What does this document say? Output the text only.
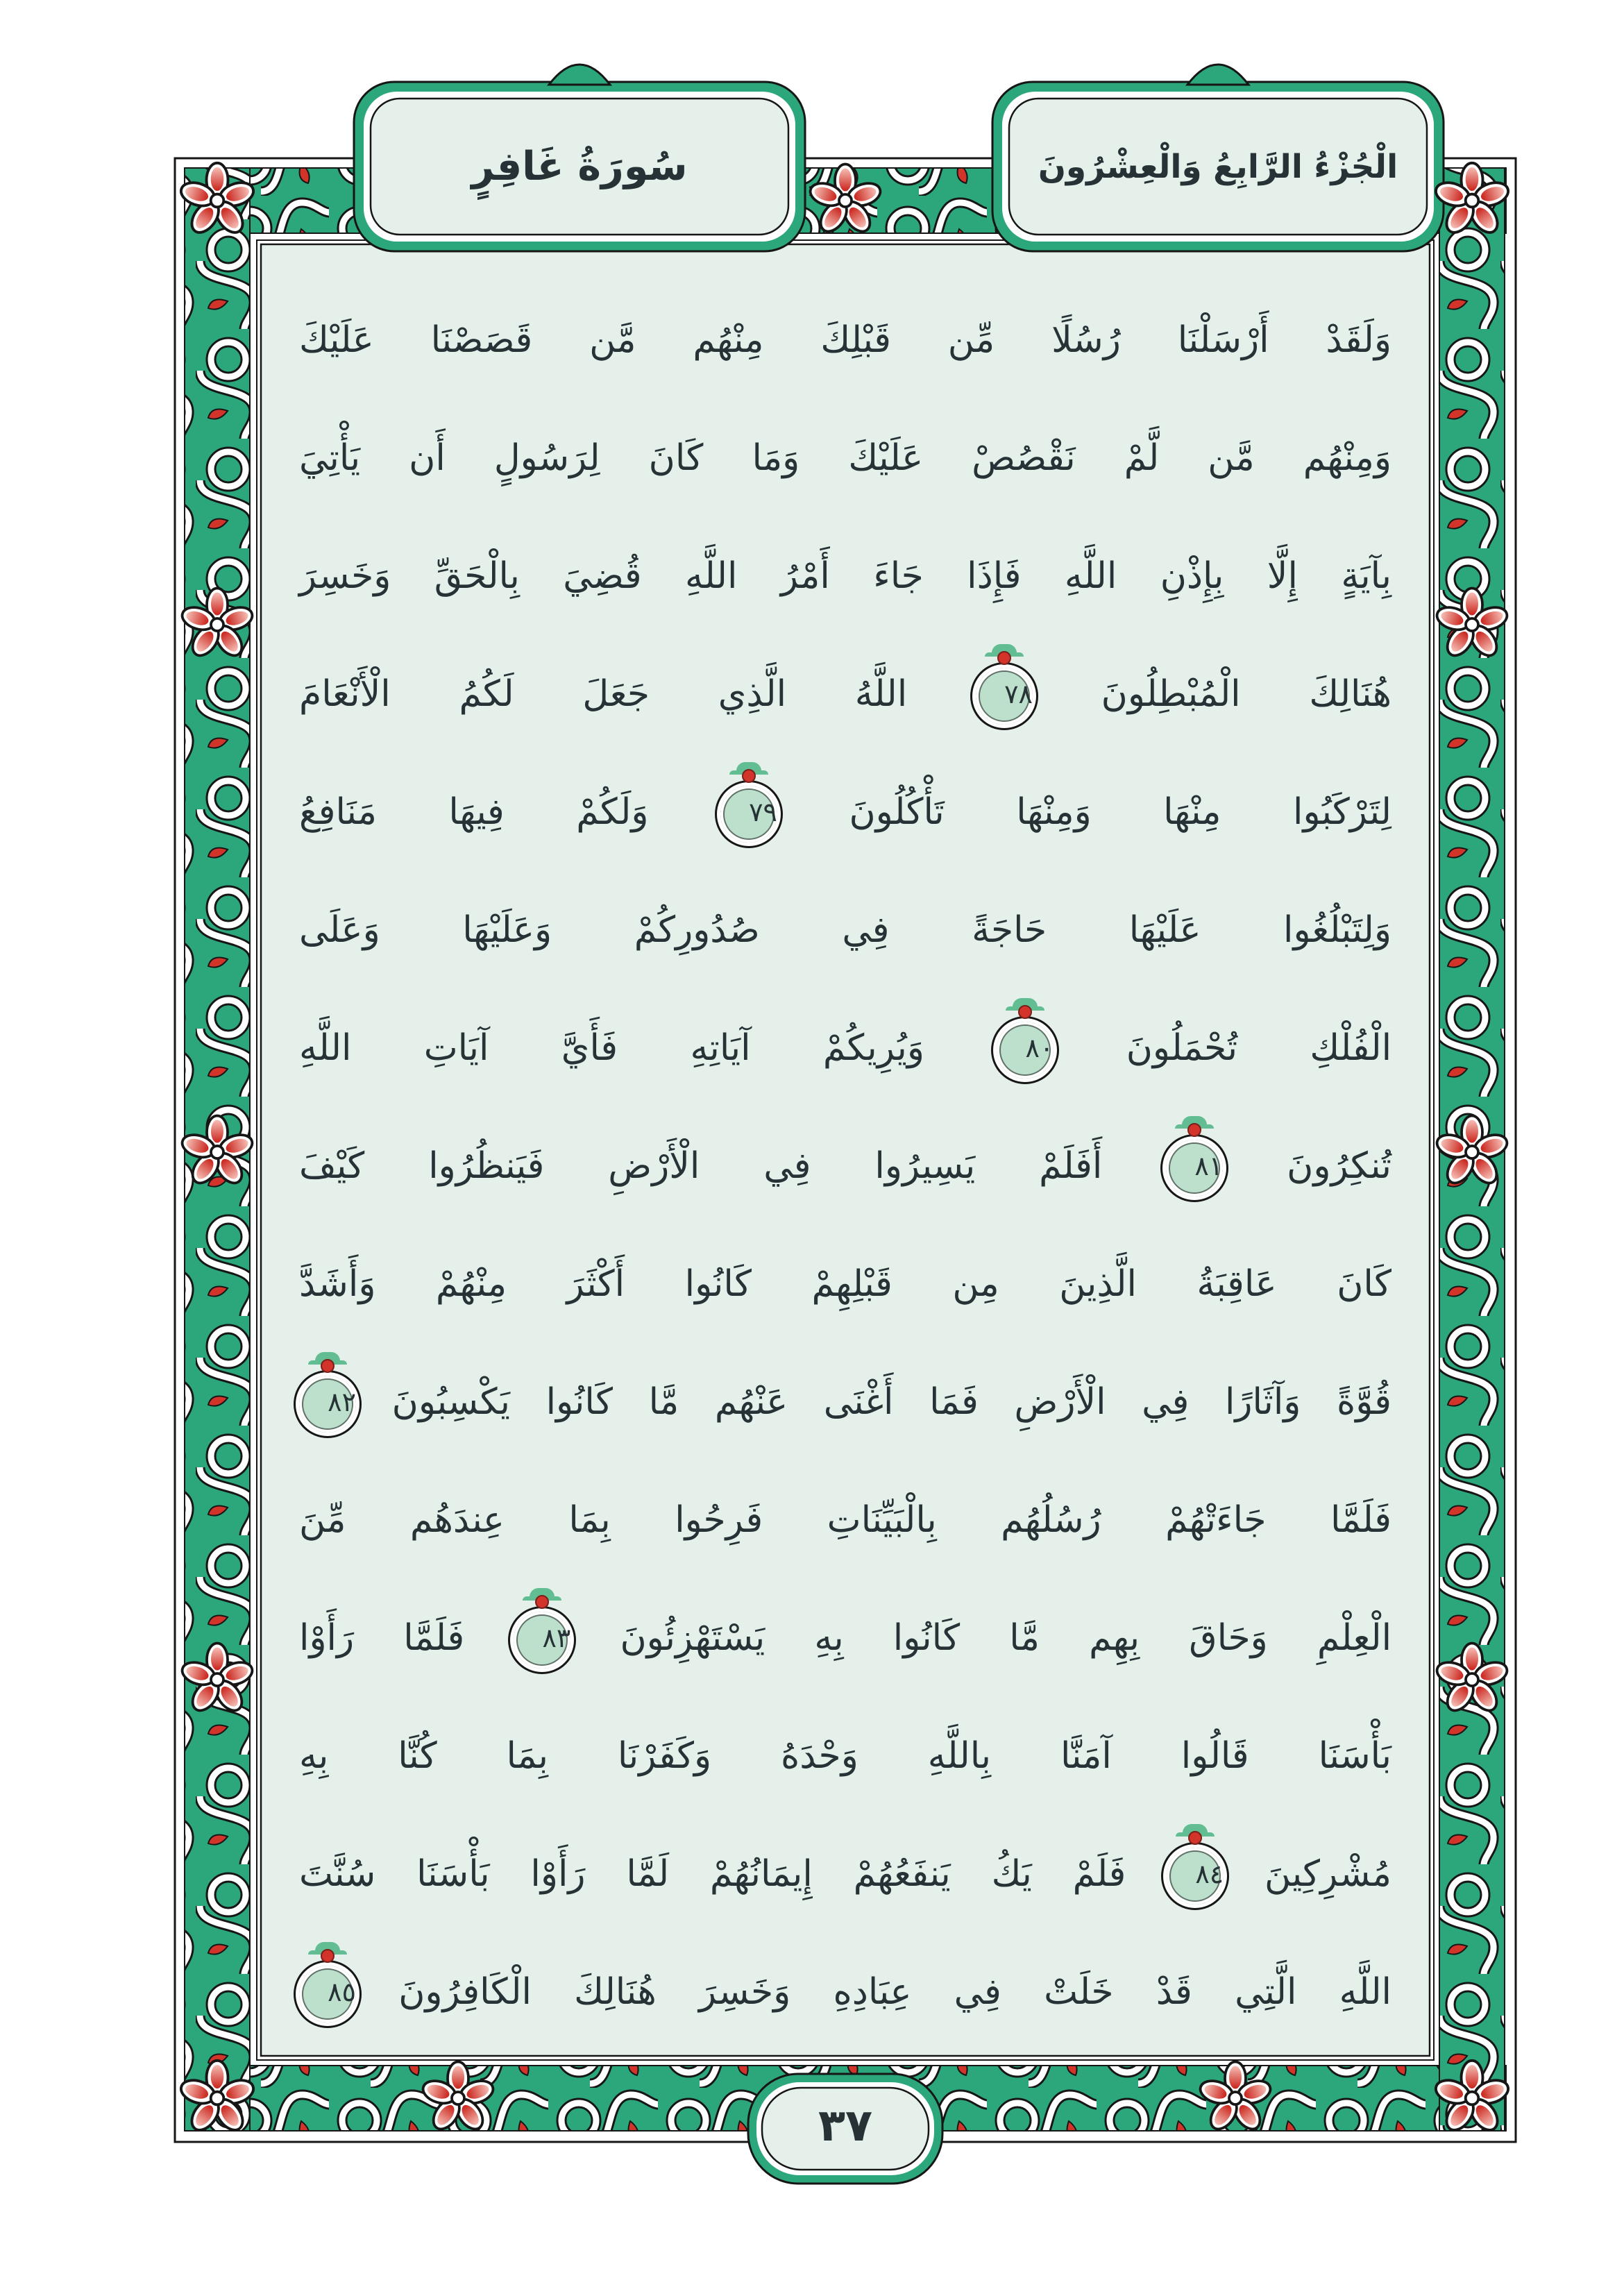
سُورَةُ غَافِرٍ	الْجُزْءُ الرَّابِعُ وَالْعِشْرُونَ
٣٧
وَلَقَدْ أَرْسَلْنَا رُسُلًا مِّن قَبْلِكَ مِنْهُم مَّن قَصَصْنَا عَلَيْكَ
وَمِنْهُم مَّن لَّمْ نَقْصُصْ عَلَيْكَ وَمَا كَانَ لِرَسُولٍ أَن يَأْتِيَ
بِآيَةٍ إِلَّا بِإِذْنِ اللَّهِ فَإِذَا جَاءَ أَمْرُ اللَّهِ قُضِيَ بِالْحَقِّ وَخَسِرَ
هُنَالِكَ الْمُبْطِلُونَ ٧٨ اللَّهُ الَّذِي جَعَلَ لَكُمُ الْأَنْعَامَ
لِتَرْكَبُوا مِنْهَا وَمِنْهَا تَأْكُلُونَ ٧٩ وَلَكُمْ فِيهَا مَنَافِعُ
وَلِتَبْلُغُوا عَلَيْهَا حَاجَةً فِي صُدُورِكُمْ وَعَلَيْهَا وَعَلَى
الْفُلْكِ تُحْمَلُونَ ٨٠ وَيُرِيكُمْ آيَاتِهِ فَأَيَّ آيَاتِ اللَّهِ
تُنكِرُونَ ٨١ أَفَلَمْ يَسِيرُوا فِي الْأَرْضِ فَيَنظُرُوا كَيْفَ
كَانَ عَاقِبَةُ الَّذِينَ مِن قَبْلِهِمْ كَانُوا أَكْثَرَ مِنْهُمْ وَأَشَدَّ
قُوَّةً وَآثَارًا فِي الْأَرْضِ فَمَا أَغْنَى عَنْهُم مَّا كَانُوا يَكْسِبُونَ ٨٢
فَلَمَّا جَاءَتْهُمْ رُسُلُهُم بِالْبَيِّنَاتِ فَرِحُوا بِمَا عِندَهُم مِّنَ
الْعِلْمِ وَحَاقَ بِهِم مَّا كَانُوا بِهِ يَسْتَهْزِئُونَ ٨٣ فَلَمَّا رَأَوْا
بَأْسَنَا قَالُوا آمَنَّا بِاللَّهِ وَحْدَهُ وَكَفَرْنَا بِمَا كُنَّا بِهِ
مُشْرِكِينَ ٨٤ فَلَمْ يَكُ يَنفَعُهُمْ إِيمَانُهُمْ لَمَّا رَأَوْا بَأْسَنَا سُنَّتَ
اللَّهِ الَّتِي قَدْ خَلَتْ فِي عِبَادِهِ وَخَسِرَ هُنَالِكَ الْكَافِرُونَ ٨٥
